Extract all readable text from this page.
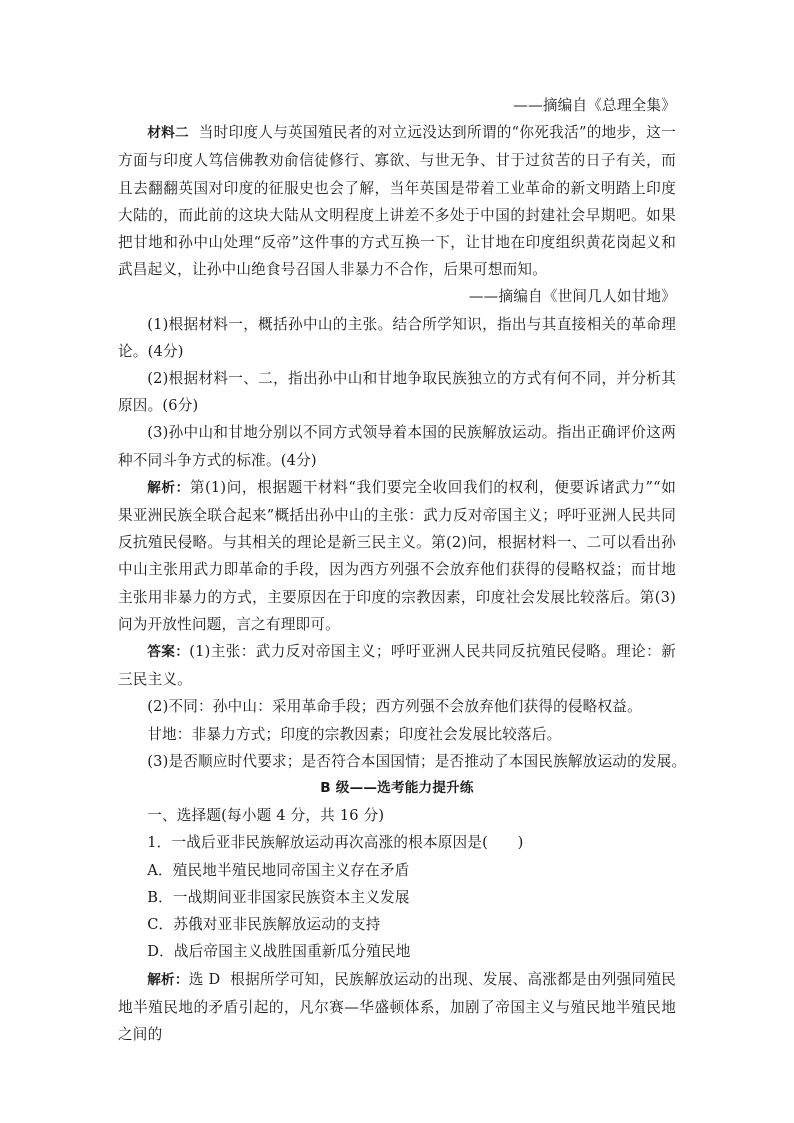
——摘编自《总理全集》

材料二 当时印度人与英国殖民者的对立远没达到所谓的“你死我活”的地步，这一方面与印度人笃信佛教劝俞信徒修行、寡欲、与世无争、甘于过贫苦的日子有关，而且去翻翻英国对印度的征服史也会了解，当年英国是带着工业革命的新文明踏上印度大陆的，而此前的这块大陆从文明程度上讲差不多处于中国的封建社会早期吧。如果把甘地和孙中山处理“反帝”这件事的方式互换一下，让甘地在印度组织黄花岗起义和武昌起义，让孙中山绝食号召国人非暴力不合作，后果可想而知。

——摘编自《世间几人如甘地》

(1)根据材料一，概括孙中山的主张。结合所学知识，指出与其直接相关的革命理论。(4分)

(2)根据材料一、二，指出孙中山和甘地争取民族独立的方式有何不同，并分析其原因。(6分)

(3)孙中山和甘地分别以不同方式领导着本国的民族解放运动。指出正确评价这两种不同斗争方式的标准。(4分)

解析：第(1)问，根据题干材料“我们要完全收回我们的权利，便要诉诸武力”“如果亚洲民族全联合起来”概括出孙中山的主张：武力反对帝国主义；呼吁亚洲人民共同反抗殖民侵略。与其相关的理论是新三民主义。第(2)问，根据材料一、二可以看出孙中山主张用武力即革命的手段，因为西方列强不会放弃他们获得的侵略权益；而甘地主张用非暴力的方式，主要原因在于印度的宗教因素，印度社会发展比较落后。第(3)问为开放性问题，言之有理即可。

答案：(1)主张：武力反对帝国主义；呼吁亚洲人民共同反抗殖民侵略。理论：新三民主义。

(2)不同：孙中山：采用革命手段；西方列强不会放弃他们获得的侵略权益。

甘地：非暴力方式；印度的宗教因素；印度社会发展比较落后。

(3)是否顺应时代要求；是否符合本国国情；是否推动了本国民族解放运动的发展。

B 级——选考能力提升练

一、选择题(每小题 4 分，共 16 分)

1．一战后亚非民族解放运动再次高涨的根本原因是(　　)

A．殖民地半殖民地同帝国主义存在矛盾

B．一战期间亚非国家民族资本主义发展

C．苏俄对亚非民族解放运动的支持

D．战后帝国主义战胜国重新瓜分殖民地

解析：选 D 根据所学可知，民族解放运动的出现、发展、高涨都是由列强同殖民地半殖民地的矛盾引起的，凡尔赛—华盛顿体系，加剧了帝国主义与殖民地半殖民地之间的
